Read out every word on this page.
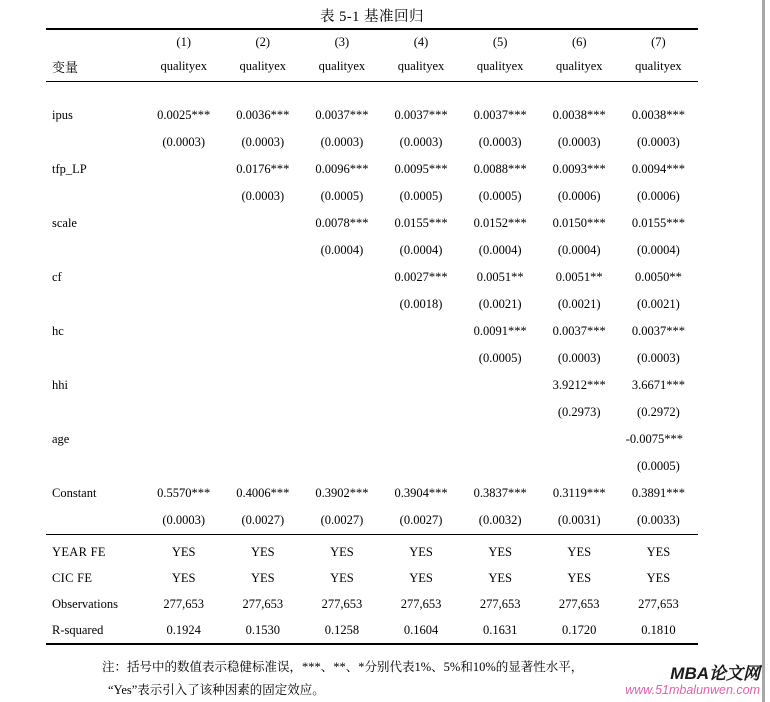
表 5-1 基准回归
	(1)	(2)	(3)	(4)	(5)	(6)	(7)
变量	qualityex	qualityex	qualityex	qualityex	qualityex	qualityex	qualityex

ipus	0.0025***	0.0036***	0.0037***	0.0037***	0.0037***	0.0038***	0.0038***
	(0.0003)	(0.0003)	(0.0003)	(0.0003)	(0.0003)	(0.0003)	(0.0003)
tfp_LP		0.0176***	0.0096***	0.0095***	0.0088***	0.0093***	0.0094***
		(0.0003)	(0.0005)	(0.0005)	(0.0005)	(0.0006)	(0.0006)
scale			0.0078***	0.0155***	0.0152***	0.0150***	0.0155***
			(0.0004)	(0.0004)	(0.0004)	(0.0004)	(0.0004)
cf				0.0027***	0.0051**	0.0051**	0.0050**
				(0.0018)	(0.0021)	(0.0021)	(0.0021)
hc					0.0091***	0.0037***	0.0037***
					(0.0005)	(0.0003)	(0.0003)
hhi						3.9212***	3.6671***
						(0.2973)	(0.2972)
age							-0.0075***
							(0.0005)
Constant	0.5570***	0.4006***	0.3902***	0.3904***	0.3837***	0.3119***	0.3891***
	(0.0003)	(0.0027)	(0.0027)	(0.0027)	(0.0032)	(0.0031)	(0.0033)
YEAR FE	YES	YES	YES	YES	YES	YES	YES
CIC FE	YES	YES	YES	YES	YES	YES	YES
Observations	277,653	277,653	277,653	277,653	277,653	277,653	277,653
R-squared	0.1924	0.1530	0.1258	0.1604	0.1631	0.1720	0.1810
注：括号中的数值表示稳健标准误，***、**、*分别代表1%、5%和10%的显著性水平，
“Yes”表示引入了该种因素的固定效应。
MBA论文网
www.51mbalunwen.com
